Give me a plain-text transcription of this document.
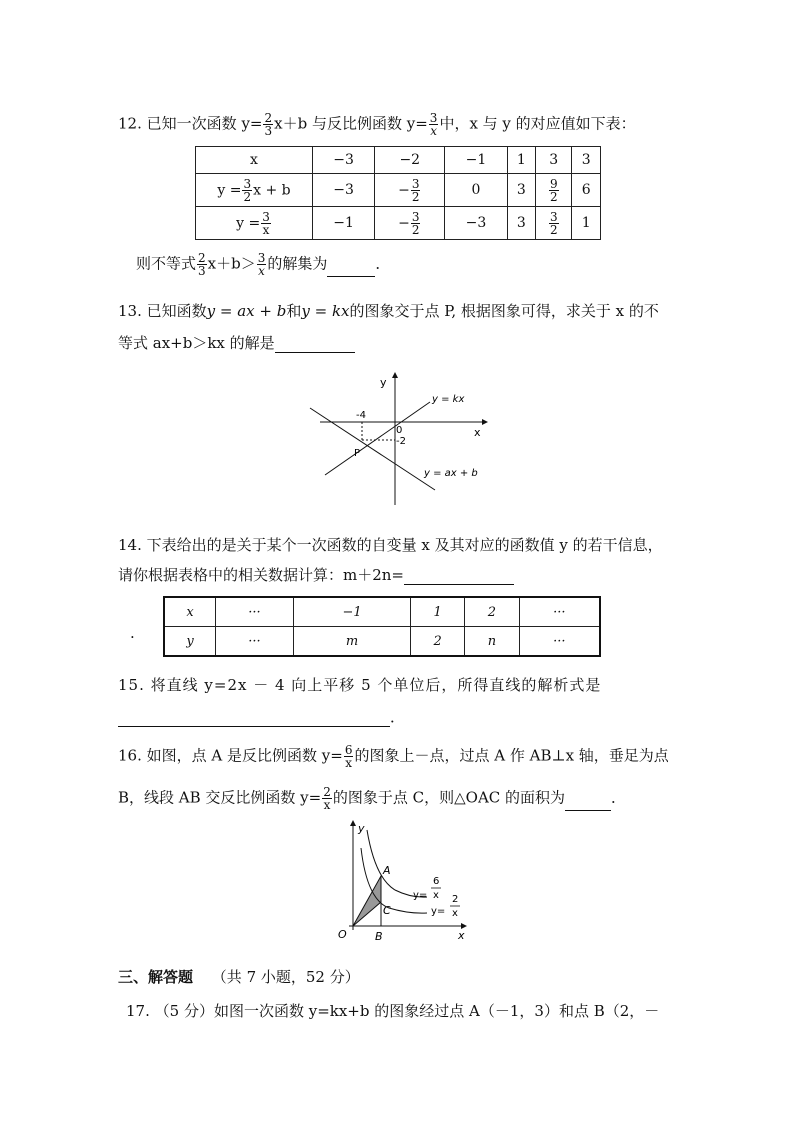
12. 已知一次函数 $y= \frac{2}{3} x+b$ 与反比例函数 $y= \frac{3}{x}$ 中，x 与 y 的对应值如下表：
x	−3	−2	−1	1	3	3
$y = \frac{3}{2}$ x + b	−3	− $\frac{3}{2}$	0	3	$\frac{9}{2}$	6
$y = \frac{3}{x}$	−1	− $\frac{3}{2}$	−3	3	$\frac{3}{2}$	1
则不等式 $\frac{2}{3} x+b> \frac{3}{x}$ 的解集为	．
13. 已知函数y = ax + b和y = kx的图象交于点 P, 根据图象可得，求关于 x 的不
等式 ax+b＞kx 的解是
y
x
0
-4
-2
P
y = kx
y = ax + b
14. 下表给出的是关于某个一次函数的自变量 x 及其对应的函数值 y 的若干信息，
请你根据表格中的相关数据计算：m＋2n=
.
x	···	−1	1	2	···
y	···	m	2	n	···
15. 将直线 y=2x － 4 向上平移 5 个单位后，所得直线的解析式是
．
16. 如图，点 A 是反比例函数 $y= \frac{6}{x}$ 的图象上－点，过点 A 作 AB⊥x 轴，垂足为点
B，线段 AB 交反比例函数 $y= \frac{2}{x}$ 的图象于点 C，则△OAC 的面积为	．
y
x
O
A
B
C
y=
6
x
y=
2
x
三、解答题 （共 7 小题，52 分）
17. （5 分）如图一次函数 y=kx+b 的图象经过点 A（－1，3）和点 B（2，－
